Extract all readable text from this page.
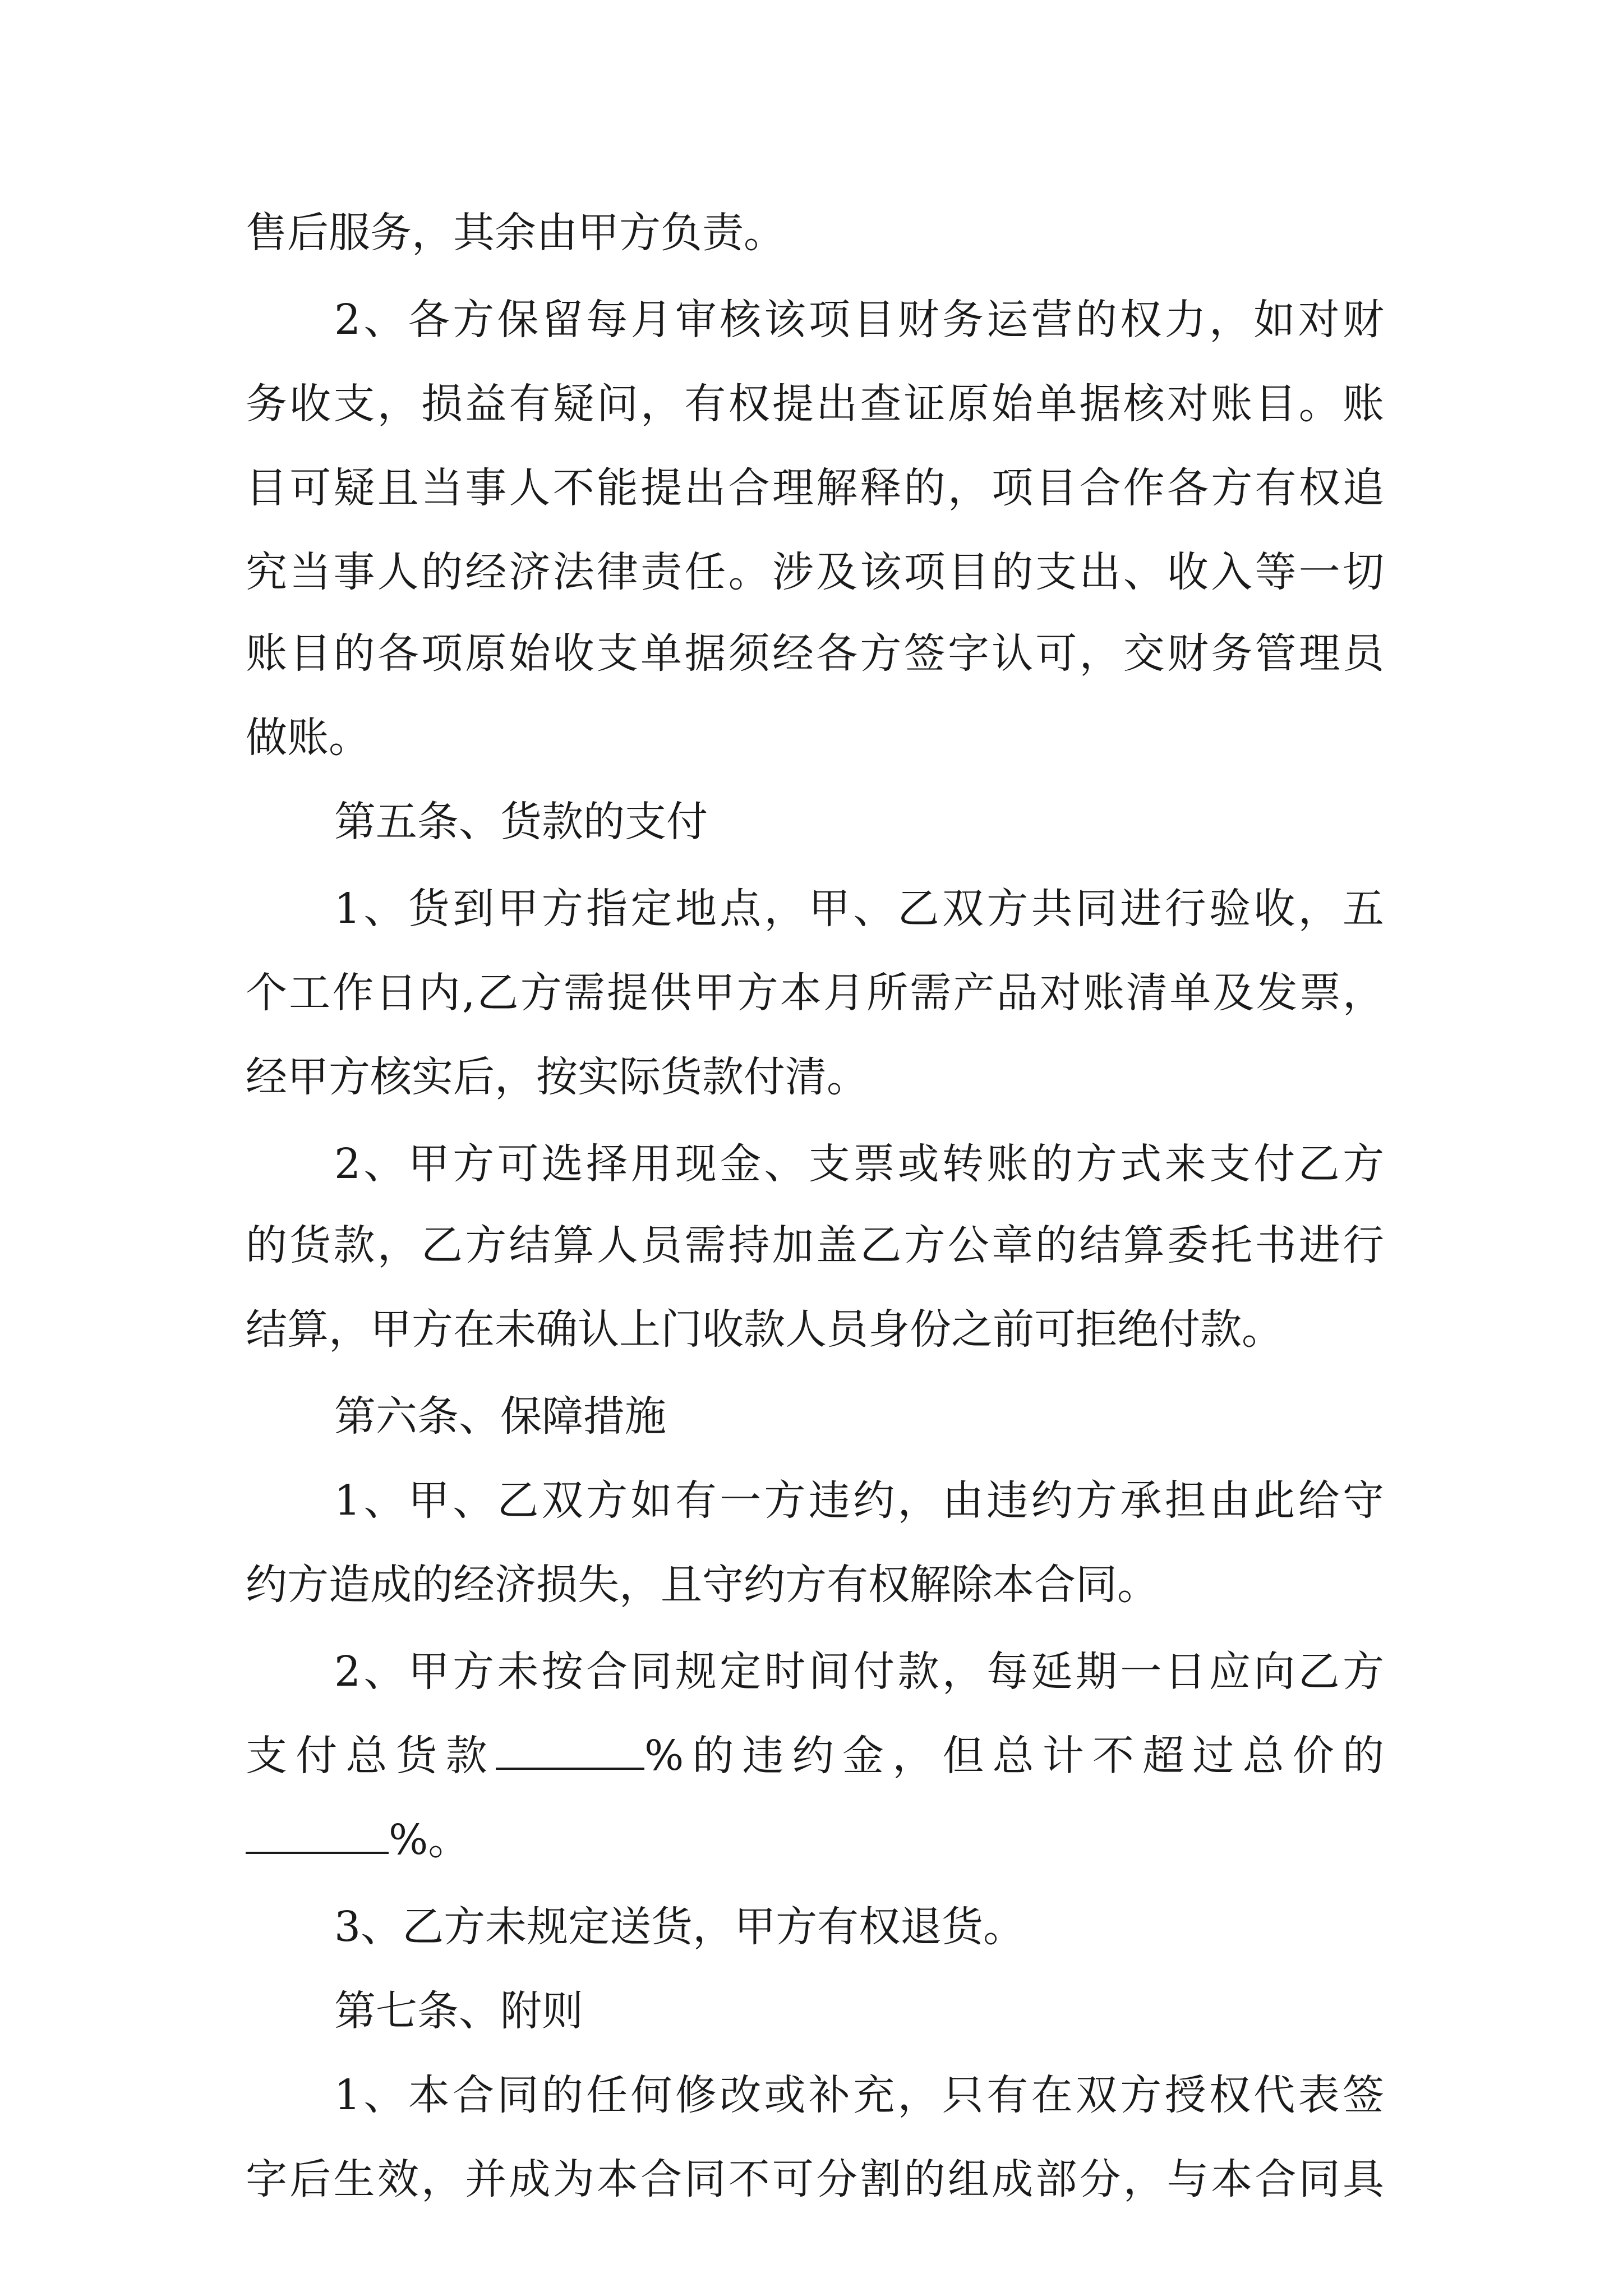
售后服务，其余由甲方负责。
2、各方保留每月审核该项目财务运营的权力，如对财
务收支，损益有疑问，有权提出查证原始单据核对账目。账
目可疑且当事人不能提出合理解释的，项目合作各方有权追
究当事人的经济法律责任。涉及该项目的支出、收入等一切
账目的各项原始收支单据须经各方签字认可，交财务管理员
做账。
第五条、货款的支付
1、货到甲方指定地点，甲、乙双方共同进行验收，五
个工作日内,乙方需提供甲方本月所需产品对账清单及发票，
经甲方核实后，按实际货款付清。
2、甲方可选择用现金、支票或转账的方式来支付乙方
的货款，乙方结算人员需持加盖乙方公章的结算委托书进行
结算，甲方在未确认上门收款人员身份之前可拒绝付款。
第六条、保障措施
1、甲、乙双方如有一方违约，由违约方承担由此给守
约方造成的经济损失，且守约方有权解除本合同。
2、甲方未按合同规定时间付款，每延期一日应向乙方
支付总货款	%的违约金，但总计不超过总价的
%。
3、乙方未规定送货，甲方有权退货。
第七条、附则
1、本合同的任何修改或补充，只有在双方授权代表签
字后生效，并成为本合同不可分割的组成部分，与本合同具
